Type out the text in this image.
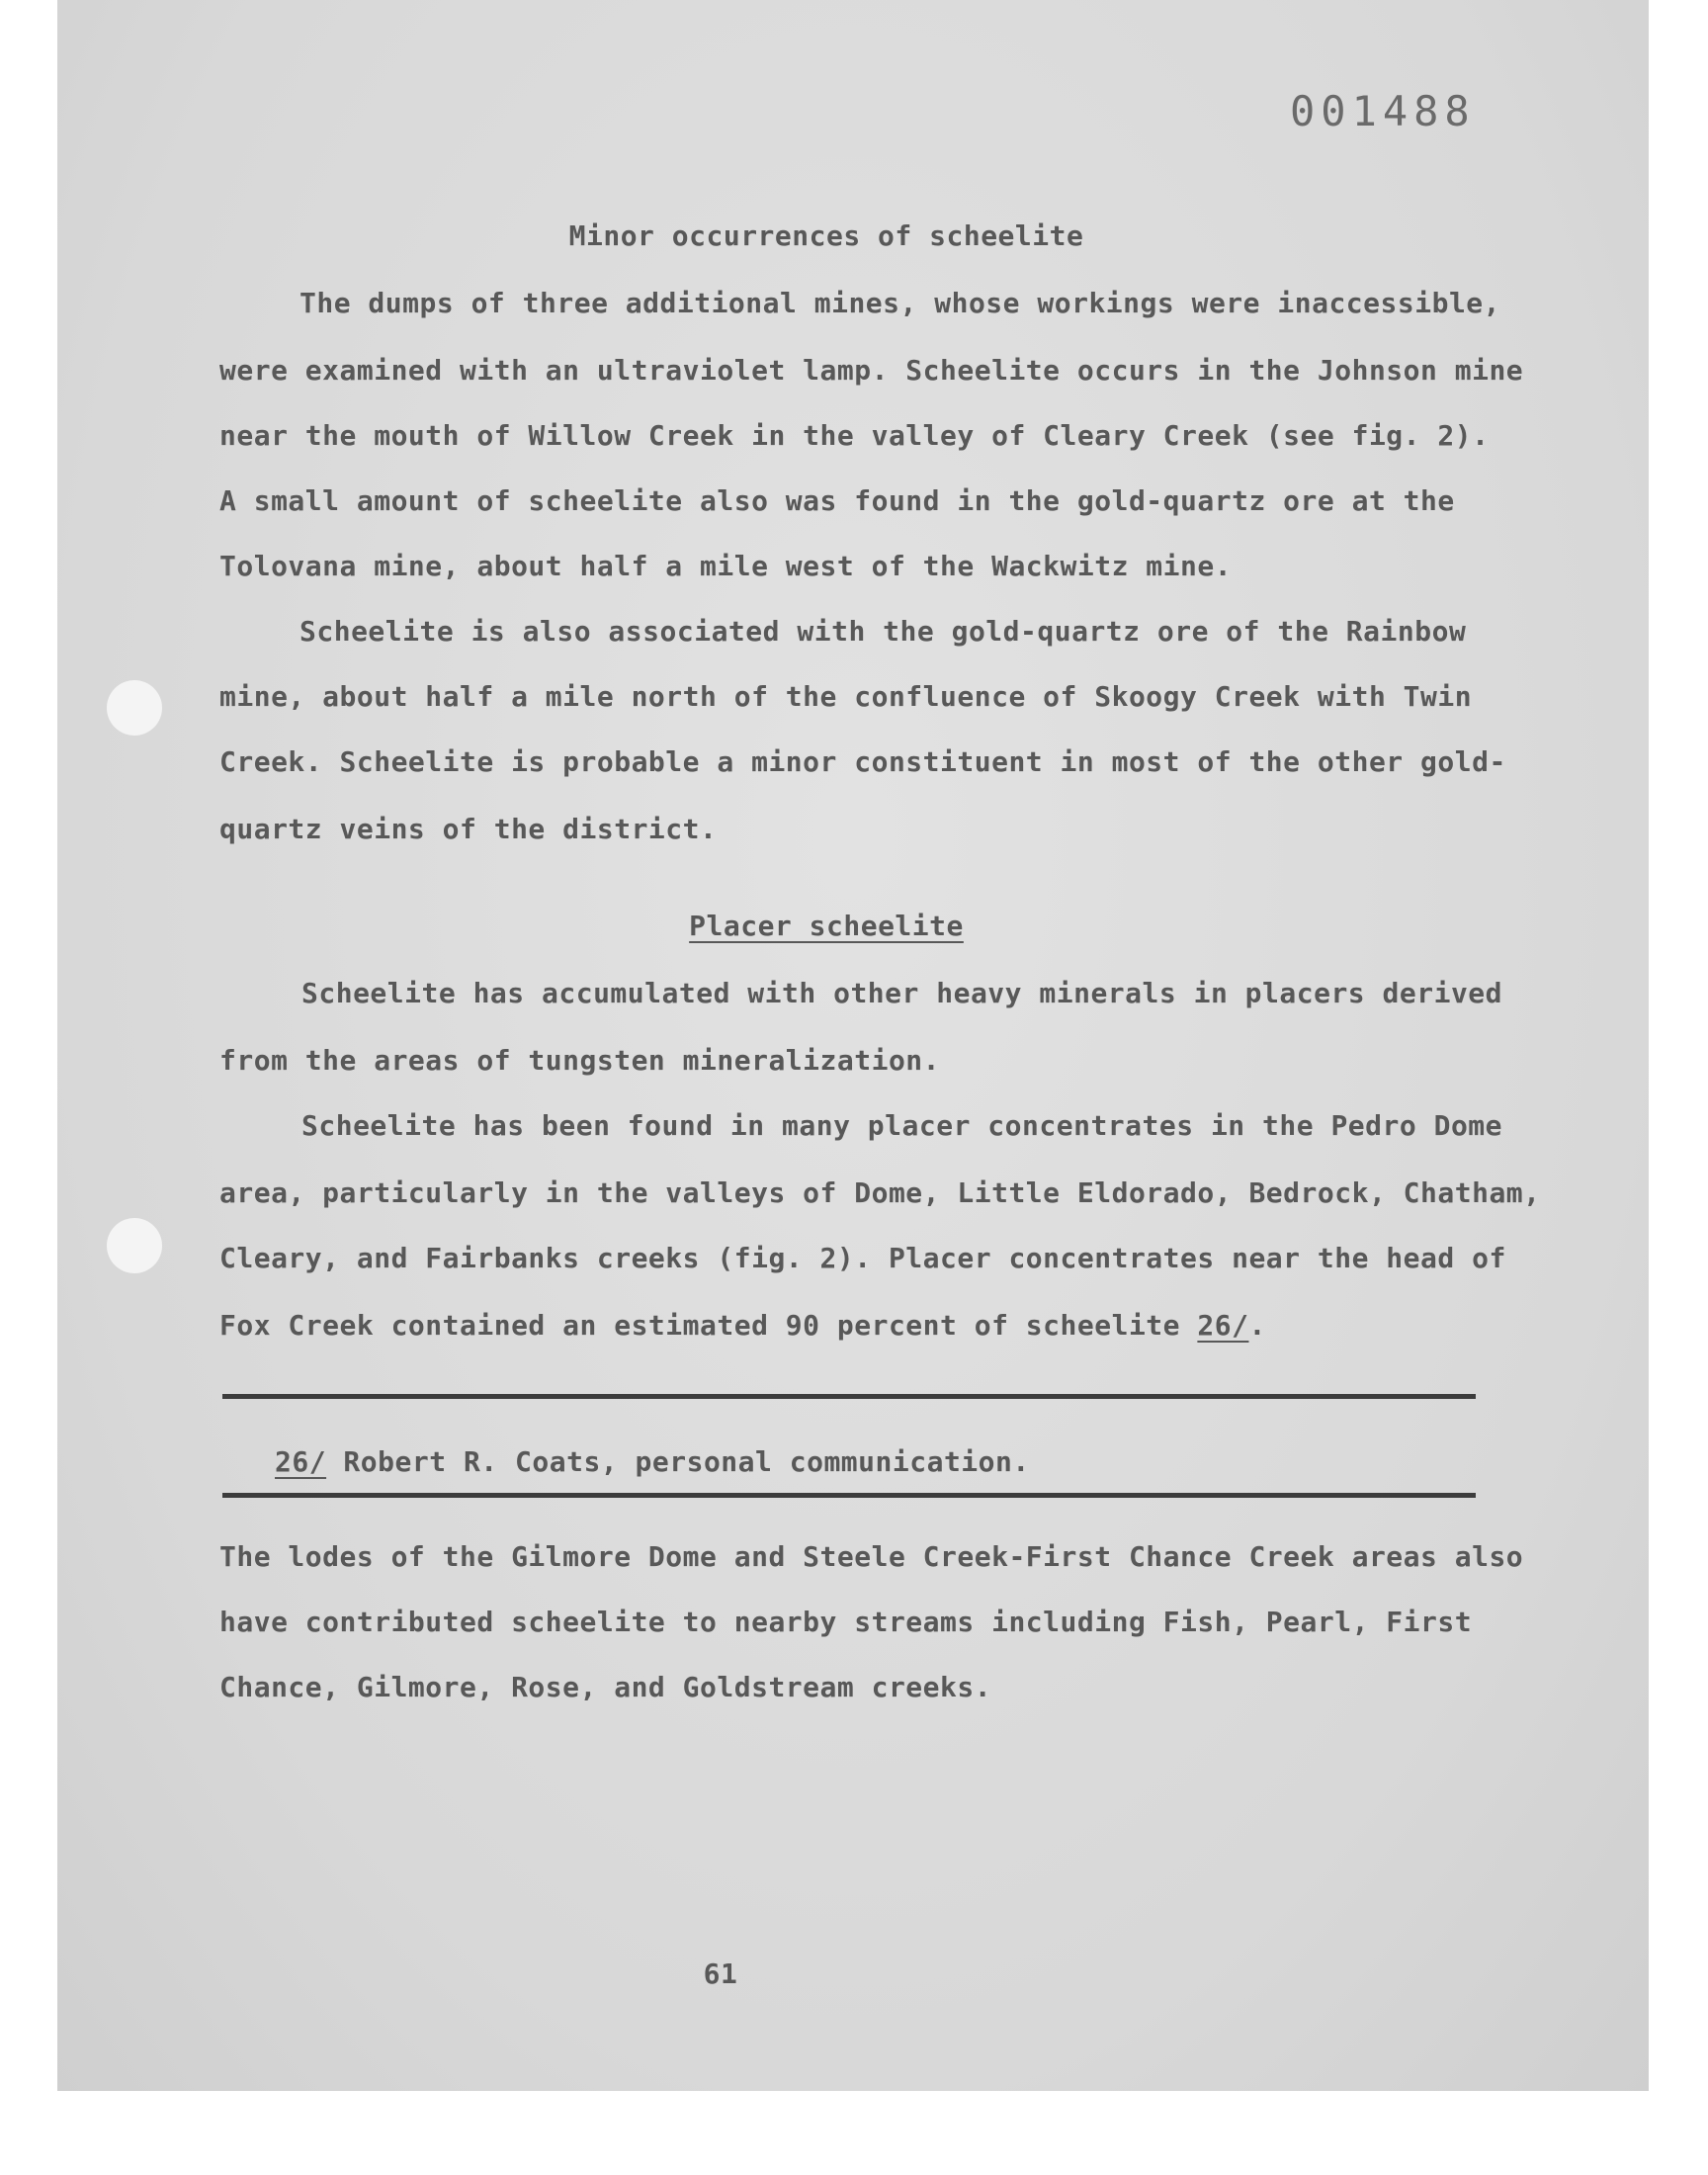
001488
Minor occurrences of scheelite
The dumps of three additional mines, whose workings were inaccessible,
were examined with an ultraviolet lamp. Scheelite occurs in the Johnson mine
near the mouth of Willow Creek in the valley of Cleary Creek (see fig. 2).
A small amount of scheelite also was found in the gold-quartz ore at the
Tolovana mine, about half a mile west of the Wackwitz mine.
Scheelite is also associated with the gold-quartz ore of the Rainbow
mine, about half a mile north of the confluence of Skoogy Creek with Twin
Creek. Scheelite is probable a minor constituent in most of the other gold-
quartz veins of the district.
Placer scheelite
Scheelite has accumulated with other heavy minerals in placers derived
from the areas of tungsten mineralization.
Scheelite has been found in many placer concentrates in the Pedro Dome
area, particularly in the valleys of Dome, Little Eldorado, Bedrock, Chatham,
Cleary, and Fairbanks creeks (fig. 2). Placer concentrates near the head of
Fox Creek contained an estimated 90 percent of scheelite 26/.
26/ Robert R. Coats, personal communication.
The lodes of the Gilmore Dome and Steele Creek-First Chance Creek areas also
have contributed scheelite to nearby streams including Fish, Pearl, First
Chance, Gilmore, Rose, and Goldstream creeks.
61
